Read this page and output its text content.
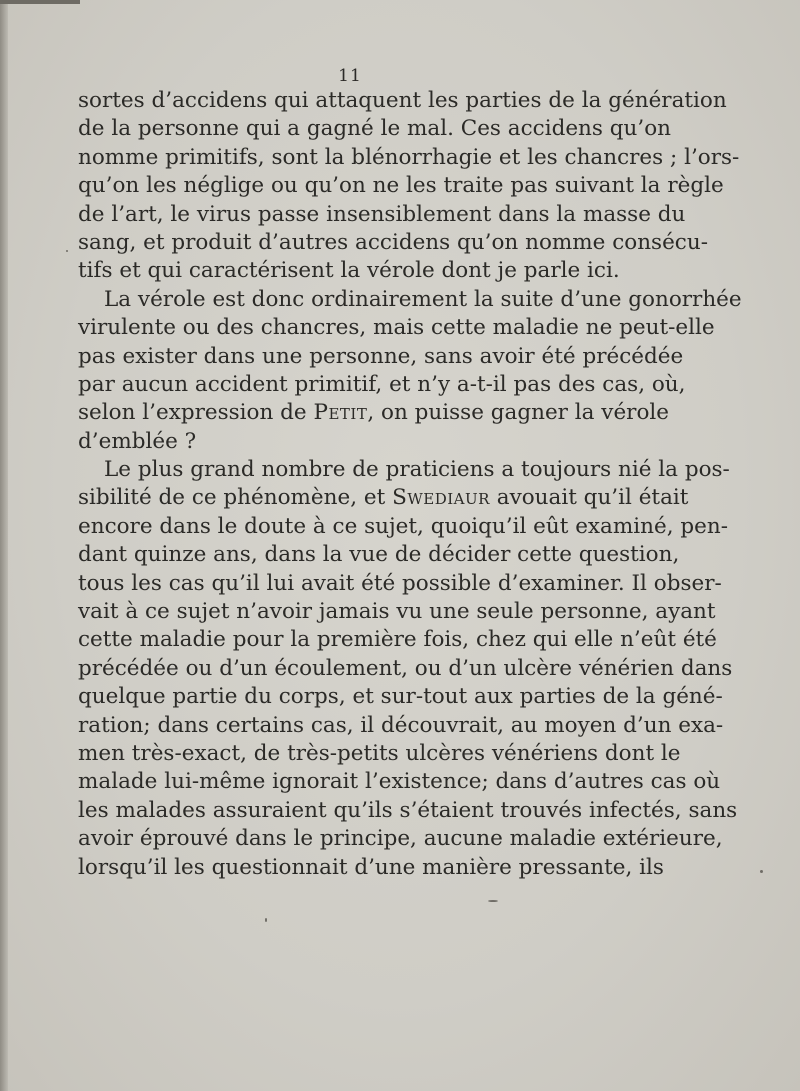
11
sortes d’accidens qui attaquent les parties de la génération
de la personne qui a gagné le mal. Ces accidens qu’on
nomme primitifs, sont la blénorrhagie et les chancres ; l’ors-
qu’on les néglige ou qu’on ne les traite pas suivant la règle
de l’art, le virus passe insensiblement dans la masse du
sang, et produit d’autres accidens qu’on nomme consécu-
tifs et qui caractérisent la vérole dont je parle ici.
La vérole est donc ordinairement la suite d’une gonorrhée
virulente ou des chancres, mais cette maladie ne peut-elle
pas exister dans une personne, sans avoir été précédée
par aucun accident primitif, et n’y a-t-il pas des cas, où,
selon l’expression de Petit, on puisse gagner la vérole
d’emblée ?
Le plus grand nombre de praticiens a toujours nié la pos-
sibilité de ce phénomène, et Swediaur avouait qu’il était
encore dans le doute à ce sujet, quoiqu’il eût examiné, pen-
dant quinze ans, dans la vue de décider cette question,
tous les cas qu’il lui avait été possible d’examiner. Il obser-
vait à ce sujet n’avoir jamais vu une seule personne, ayant
cette maladie pour la première fois, chez qui elle n’eût été
précédée ou d’un écoulement, ou d’un ulcère vénérien dans
quelque partie du corps, et sur-tout aux parties de la géné-
ration; dans certains cas, il découvrait, au moyen d’un exa-
men très-exact, de très-petits ulcères vénériens dont le
malade lui-même ignorait l’existence; dans d’autres cas où
les malades assuraient qu’ils s’étaient trouvés infectés, sans
avoir éprouvé dans le principe, aucune maladie extérieure,
lorsqu’il les questionnait d’une manière pressante, ils
